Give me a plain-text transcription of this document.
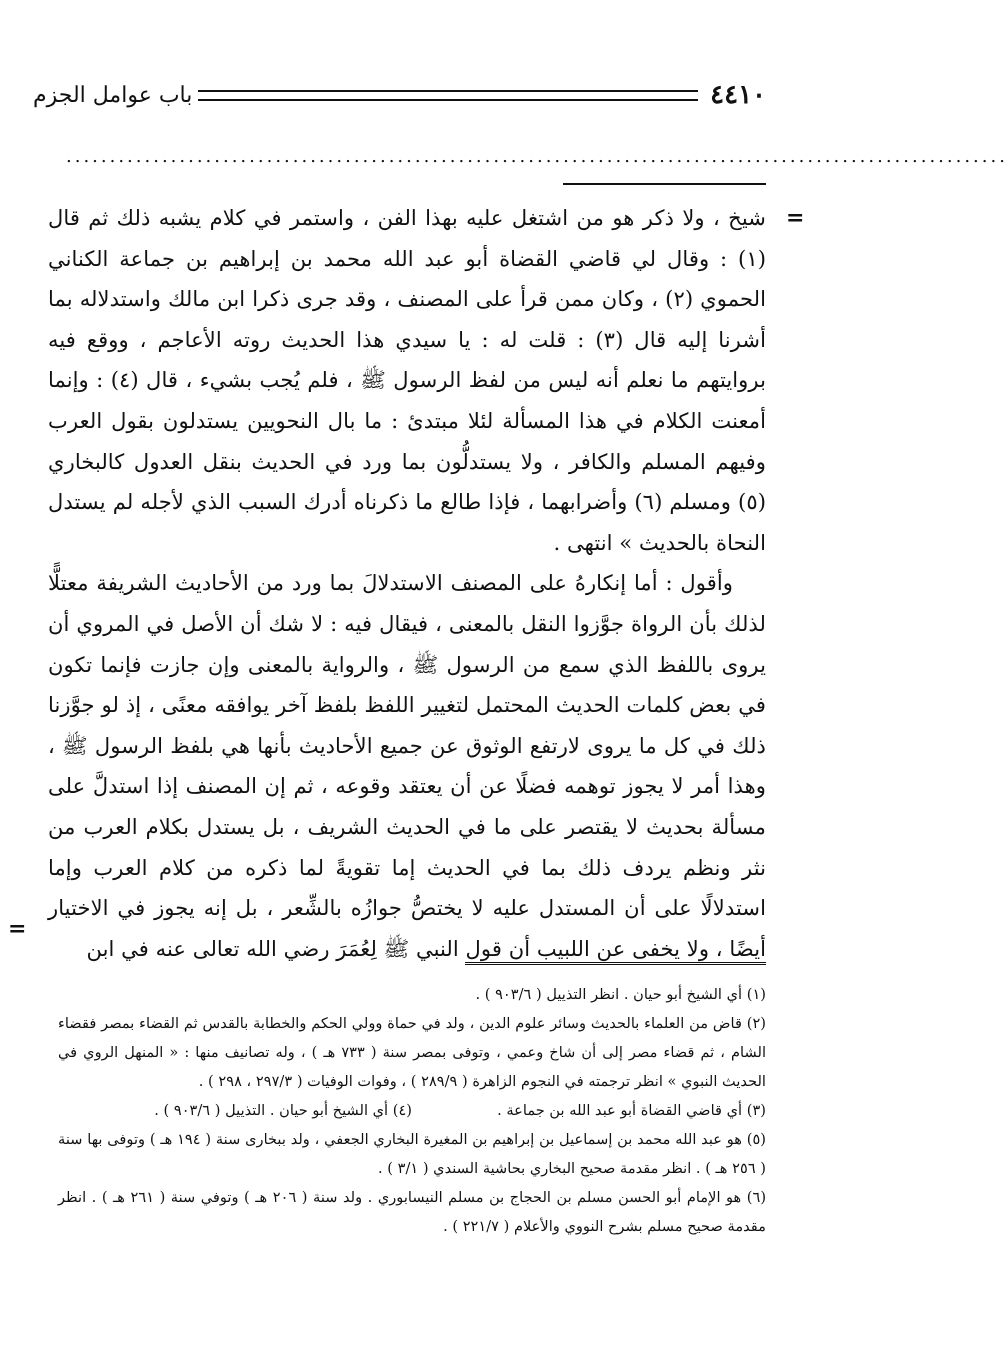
٤٤١٠
باب عوامل الجزم
............................................................................................................
=
=

شيخ ، ولا ذكر هو من اشتغل عليه بهذا الفن ، واستمر في كلام يشبه ذلك ثم قال (١) : وقال لي قاضي القضاة أبو عبد الله محمد بن إبراهيم بن جماعة الكناني الحموي (٢) ، وكان ممن قرأ على المصنف ، وقد جرى ذكرا ابن مالك واستدلاله بما أشرنا إليه قال (٣) : قلت له : يا سيدي هذا الحديث روته الأعاجم ، ووقع فيه بروايتهم ما نعلم أنه ليس من لفظ الرسول ﷺ ، فلم يُجب بشيء ، قال (٤) : وإنما أمعنت الكلام في هذا المسألة لئلا مبتدئ : ما بال النحويين يستدلون بقول العرب وفيهم المسلم والكافر ، ولا يستدلُّون بما ورد في الحديث بنقل العدول كالبخاري (٥) ومسلم (٦) وأضرابهما ، فإذا طالع ما ذكرناه أدرك السبب الذي لأجله لم يستدل النحاة بالحديث » انتهى .

وأقول : أما إنكارهُ على المصنف الاستدلالَ بما ورد من الأحاديث الشريفة معتلًّا لذلك بأن الرواة جوَّزوا النقل بالمعنى ، فيقال فيه : لا شك أن الأصل في المروي أن يروى باللفظ الذي سمع من الرسول ﷺ ، والرواية بالمعنى وإن جازت فإنما تكون في بعض كلمات الحديث المحتمل لتغيير اللفظ بلفظ آخر يوافقه معنًى ، إذ لو جوَّزنا ذلك في كل ما يروى لارتفع الوثوق عن جميع الأحاديث بأنها هي بلفظ الرسول ﷺ ، وهذا أمر لا يجوز توهمه فضلًا عن أن يعتقد وقوعه ، ثم إن المصنف إذا استدلَّ على مسألة بحديث لا يقتصر على ما في الحديث الشريف ، بل يستدل بكلام العرب من نثر ونظم يردف ذلك بما في الحديث إما تقويةً لما ذكره من كلام العرب وإما استدلالًا على أن المستدل عليه لا يختصُّ جوازُه بالشِّعر ، بل إنه يجوز في الاختيار أيضًا ، ولا يخفى عن اللبيب أن قول النبي ﷺ لِعُمَرَ رضي الله تعالى عنه في ابن

(١) أي الشيخ أبو حيان . انظر التذييل ( ٩٠٣/٦ ) .

(٢) قاض من العلماء بالحديث وسائر علوم الدين ، ولد في حماة وولي الحكم والخطابة بالقدس ثم القضاء بمصر فقضاء الشام ، ثم قضاء مصر إلى أن شاخ وعمي ، وتوفى بمصر سنة ( ٧٣٣ هـ ) ، وله تصانيف منها : « المنهل الروي في الحديث النبوي » انظر ترجمته في النجوم الزاهرة ( ٢٨٩/٩ ) ، وفوات الوفيات ( ٢٩٧/٣ ، ٢٩٨ ) .

(٣) أي قاضي القضاة أبو عبد الله بن جماعة .
(٤) أي الشيخ أبو حيان . التذييل ( ٩٠٣/٦ ) .

(٥) هو عبد الله محمد بن إسماعيل بن إبراهيم بن المغيرة البخاري الجعفي ، ولد ببخارى سنة ( ١٩٤ هـ ) وتوفى بها سنة ( ٢٥٦ هـ ) . انظر مقدمة صحيح البخاري بحاشية السندي ( ٣/١ ) .

(٦) هو الإمام أبو الحسن مسلم بن الحجاج بن مسلم النيسابوري . ولد سنة ( ٢٠٦ هـ ) وتوفي سنة ( ٢٦١ هـ ) . انظر مقدمة صحيح مسلم بشرح النووي والأعلام ( ٢٢١/٧ ) .
